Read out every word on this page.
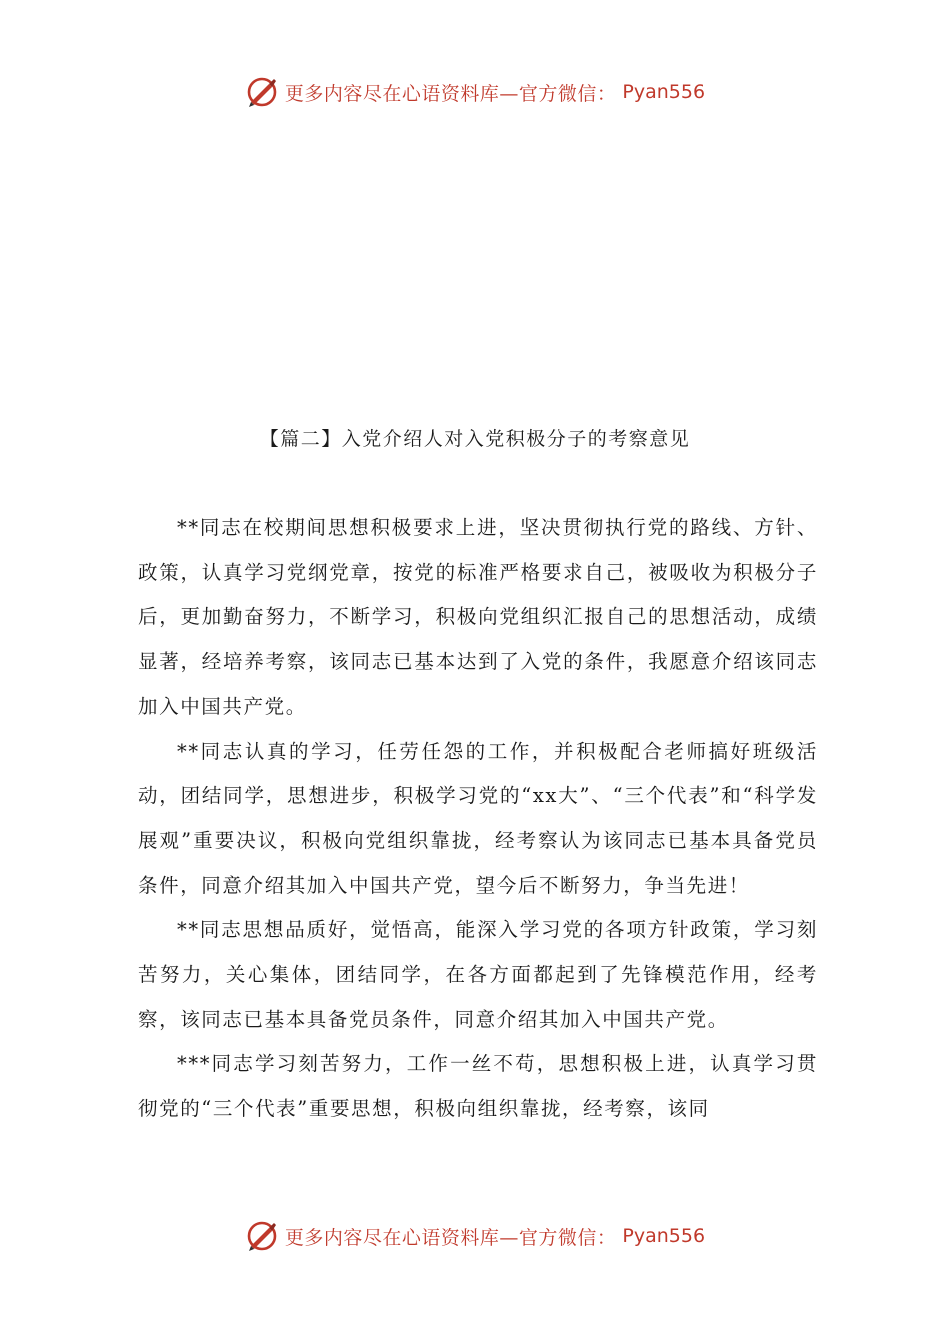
更多内容尽在心语资料库—官方微信： Pyan556
【篇二】入党介绍人对入党积极分子的考察意见

**同志在校期间思想积极要求上进，坚决贯彻执行党的路线、方针、政策，认真学习党纲党章，按党的标准严格要求自己，被吸收为积极分子后，更加勤奋努力，不断学习，积极向党组织汇报自己的思想活动，成绩显著，经培养考察，该同志已基本达到了入党的条件，我愿意介绍该同志加入中国共产党。

**同志认真的学习，任劳任怨的工作，并积极配合老师搞好班级活动，团结同学，思想进步，积极学习党的“xx大”、“三个代表”和“科学发展观”重要决议，积极向党组织靠拢，经考察认为该同志已基本具备党员条件，同意介绍其加入中国共产党，望今后不断努力，争当先进！

**同志思想品质好，觉悟高，能深入学习党的各项方针政策，学习刻苦努力，关心集体，团结同学，在各方面都起到了先锋模范作用，经考察，该同志已基本具备党员条件，同意介绍其加入中国共产党。

***同志学习刻苦努力，工作一丝不苟，思想积极上进，认真学习贯彻党的“三个代表”重要思想，积极向组织靠拢，经考察，该同

更多内容尽在心语资料库—官方微信： Pyan556
